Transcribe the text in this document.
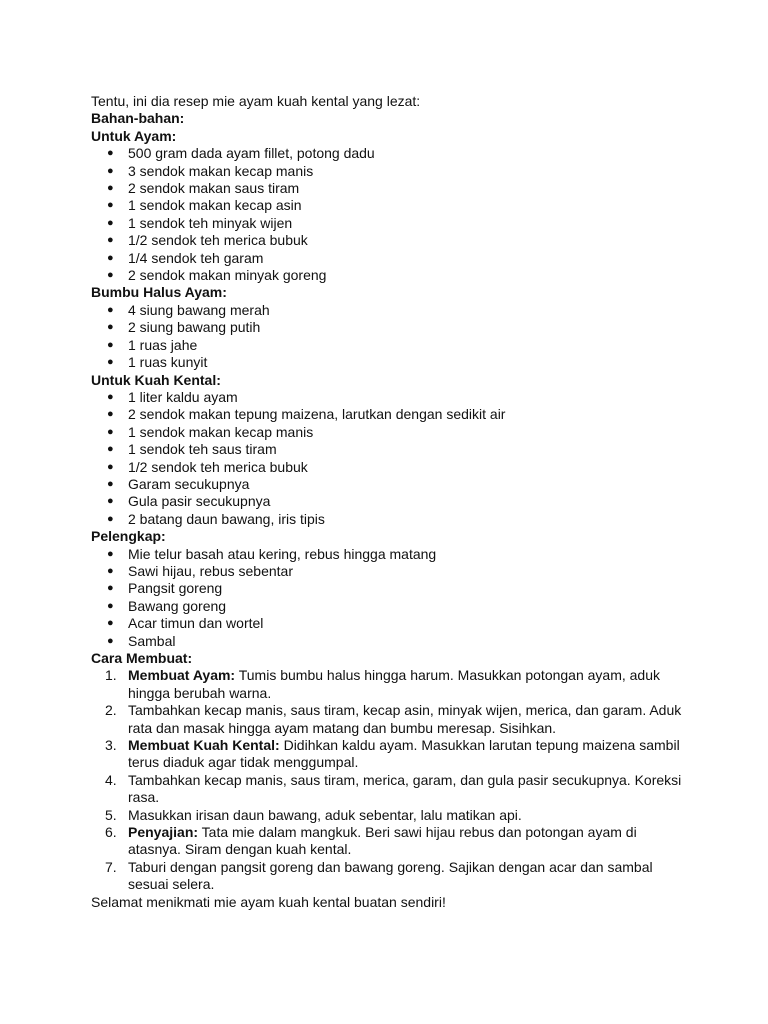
Tentu, ini dia resep mie ayam kuah kental yang lezat:
Bahan-bahan:
Untuk Ayam:
● 500 gram dada ayam fillet, potong dadu
● 3 sendok makan kecap manis
● 2 sendok makan saus tiram
● 1 sendok makan kecap asin
● 1 sendok teh minyak wijen
● 1/2 sendok teh merica bubuk
● 1/4 sendok teh garam
● 2 sendok makan minyak goreng
Bumbu Halus Ayam:
● 4 siung bawang merah
● 2 siung bawang putih
● 1 ruas jahe
● 1 ruas kunyit
Untuk Kuah Kental:
● 1 liter kaldu ayam
● 2 sendok makan tepung maizena, larutkan dengan sedikit air
● 1 sendok makan kecap manis
● 1 sendok teh saus tiram
● 1/2 sendok teh merica bubuk
● Garam secukupnya
● Gula pasir secukupnya
● 2 batang daun bawang, iris tipis
Pelengkap:
● Mie telur basah atau kering, rebus hingga matang
● Sawi hijau, rebus sebentar
● Pangsit goreng
● Bawang goreng
● Acar timun dan wortel
● Sambal
Cara Membuat:
1. Membuat Ayam: Tumis bumbu halus hingga harum. Masukkan potongan ayam, aduk hingga berubah warna.
2. Tambahkan kecap manis, saus tiram, kecap asin, minyak wijen, merica, dan garam. Aduk rata dan masak hingga ayam matang dan bumbu meresap. Sisihkan.
3. Membuat Kuah Kental: Didihkan kaldu ayam. Masukkan larutan tepung maizena sambil terus diaduk agar tidak menggumpal.
4. Tambahkan kecap manis, saus tiram, merica, garam, dan gula pasir secukupnya. Koreksi rasa.
5. Masukkan irisan daun bawang, aduk sebentar, lalu matikan api.
6. Penyajian: Tata mie dalam mangkuk. Beri sawi hijau rebus dan potongan ayam di atasnya. Siram dengan kuah kental.
7. Taburi dengan pangsit goreng dan bawang goreng. Sajikan dengan acar dan sambal sesuai selera.
Selamat menikmati mie ayam kuah kental buatan sendiri!
